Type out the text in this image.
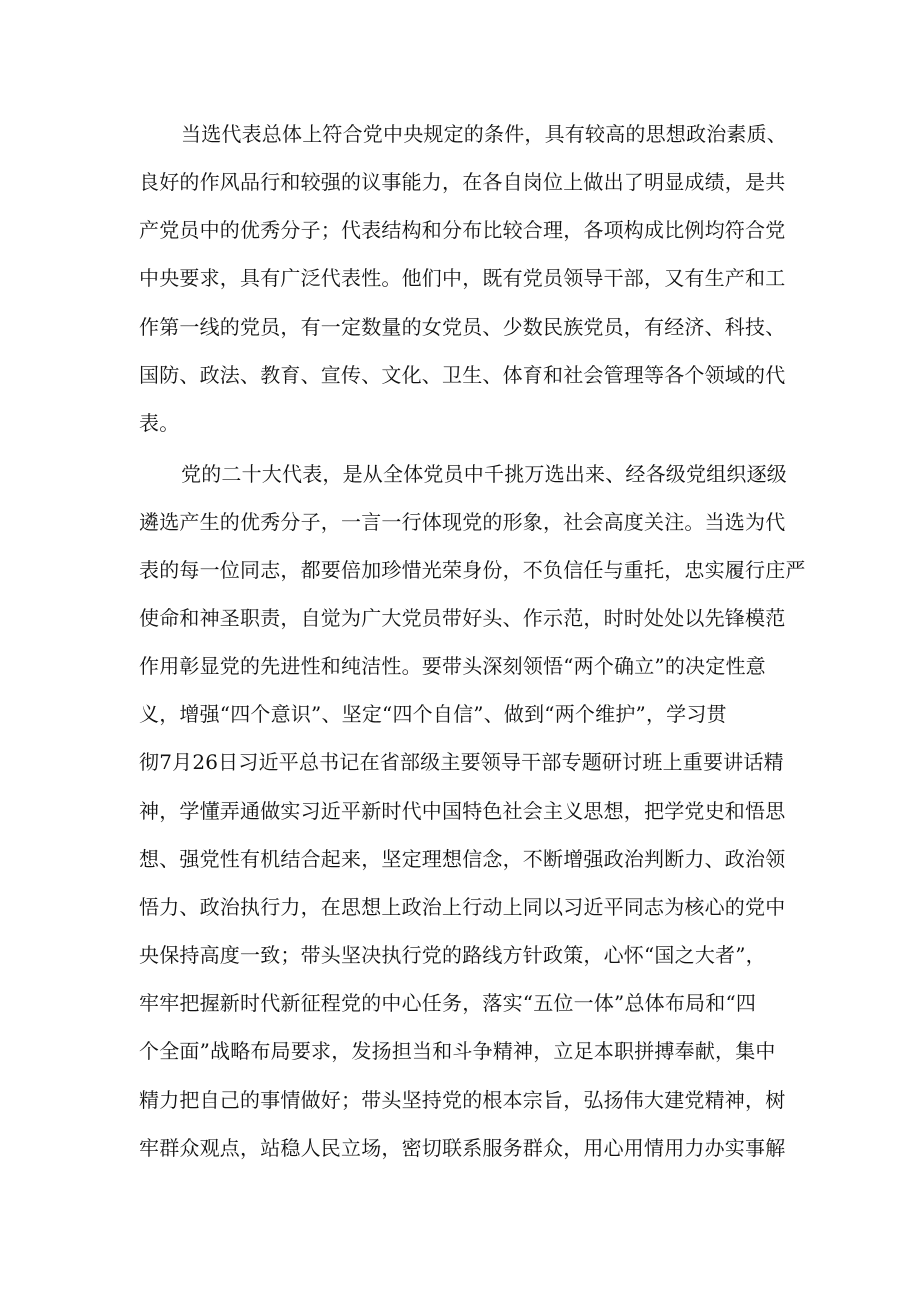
当选代表总体上符合党中央规定的条件，具有较高的思想政治素质、
良好的作风品行和较强的议事能力，在各自岗位上做出了明显成绩，是共
产党员中的优秀分子；代表结构和分布比较合理，各项构成比例均符合党
中央要求，具有广泛代表性。他们中，既有党员领导干部，又有生产和工
作第一线的党员，有一定数量的女党员、少数民族党员，有经济、科技、
国防、政法、教育、宣传、文化、卫生、体育和社会管理等各个领域的代
表。
党的二十大代表，是从全体党员中千挑万选出来、经各级党组织逐级
遴选产生的优秀分子，一言一行体现党的形象，社会高度关注。当选为代
表的每一位同志，都要倍加珍惜光荣身份，不负信任与重托，忠实履行庄严
使命和神圣职责，自觉为广大党员带好头、作示范，时时处处以先锋模范
作用彰显党的先进性和纯洁性。要带头深刻领悟“两个确立”的决定性意
义，增强“四个意识”、坚定“四个自信”、做到“两个维护”，学习贯
彻7月26日习近平总书记在省部级主要领导干部专题研讨班上重要讲话精
神，学懂弄通做实习近平新时代中国特色社会主义思想，把学党史和悟思
想、强党性有机结合起来，坚定理想信念，不断增强政治判断力、政治领
悟力、政治执行力，在思想上政治上行动上同以习近平同志为核心的党中
央保持高度一致；带头坚决执行党的路线方针政策，心怀“国之大者”，
牢牢把握新时代新征程党的中心任务，落实“五位一体”总体布局和“四
个全面”战略布局要求，发扬担当和斗争精神，立足本职拼搏奉献，集中
精力把自己的事情做好；带头坚持党的根本宗旨，弘扬伟大建党精神，树
牢群众观点，站稳人民立场，密切联系服务群众，用心用情用力办实事解
